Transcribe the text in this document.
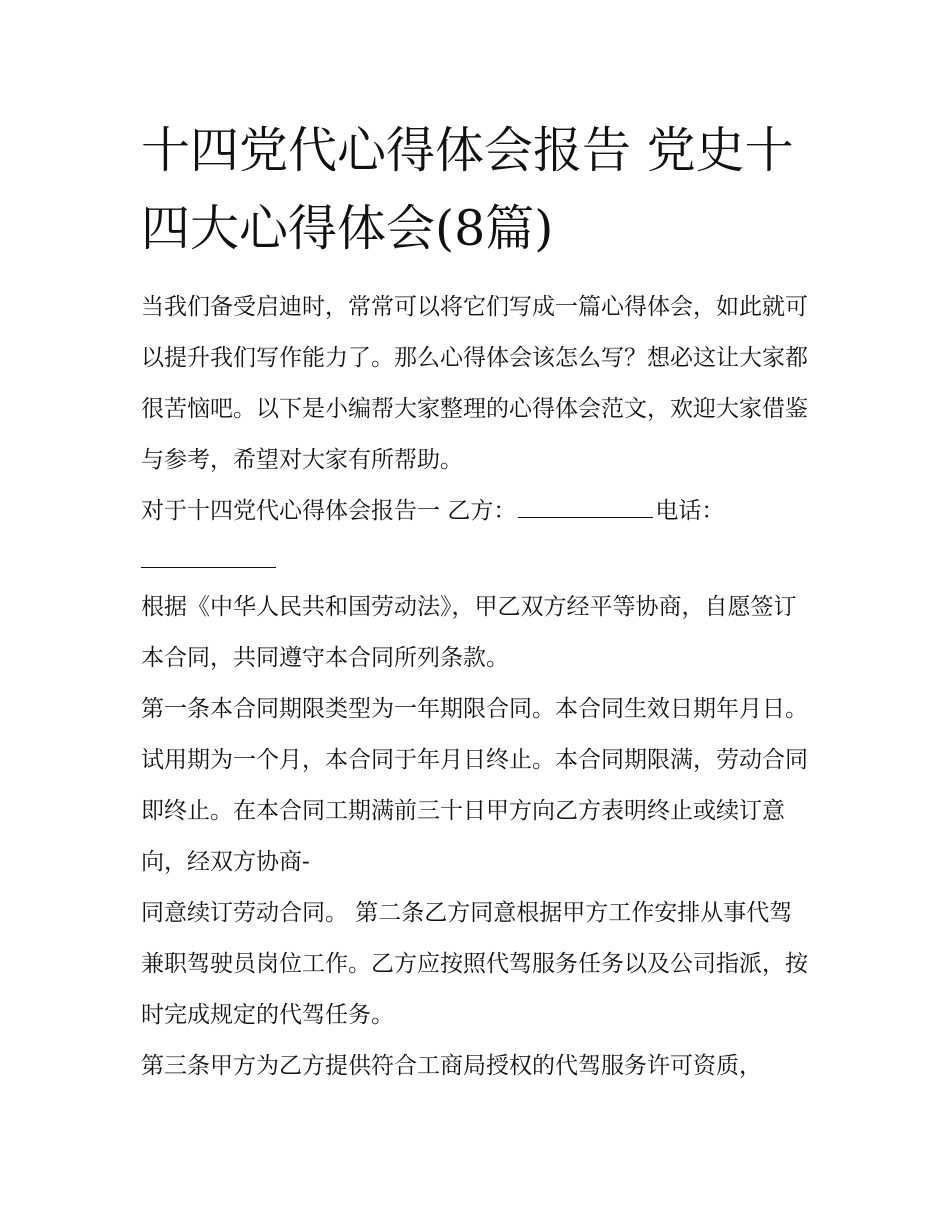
十四党代心得体会报告 党史十四大心得体会(8篇)

当我们备受启迪时，常常可以将它们写成一篇心得体会，如此就可以提升我们写作能力了。那么心得体会该怎么写？想必这让大家都很苦恼吧。以下是小编帮大家整理的心得体会范文，欢迎大家借鉴与参考，希望对大家有所帮助。

对于十四党代心得体会报告一 乙方：	电话：

根据《中华人民共和国劳动法》，甲乙双方经平等协商，自愿签订本合同，共同遵守本合同所列条款。

第一条本合同期限类型为一年期限合同。本合同生效日期年月日。试用期为一个月，本合同于年月日终止。本合同期限满，劳动合同即终止。在本合同工期满前三十日甲方向乙方表明终止或续订意向，经双方协商-

同意续订劳动合同。 第二条乙方同意根据甲方工作安排从事代驾兼职驾驶员岗位工作。乙方应按照代驾服务任务以及公司指派，按时完成规定的代驾任务。

第三条甲方为乙方提供符合工商局授权的代驾服务许可资质，
